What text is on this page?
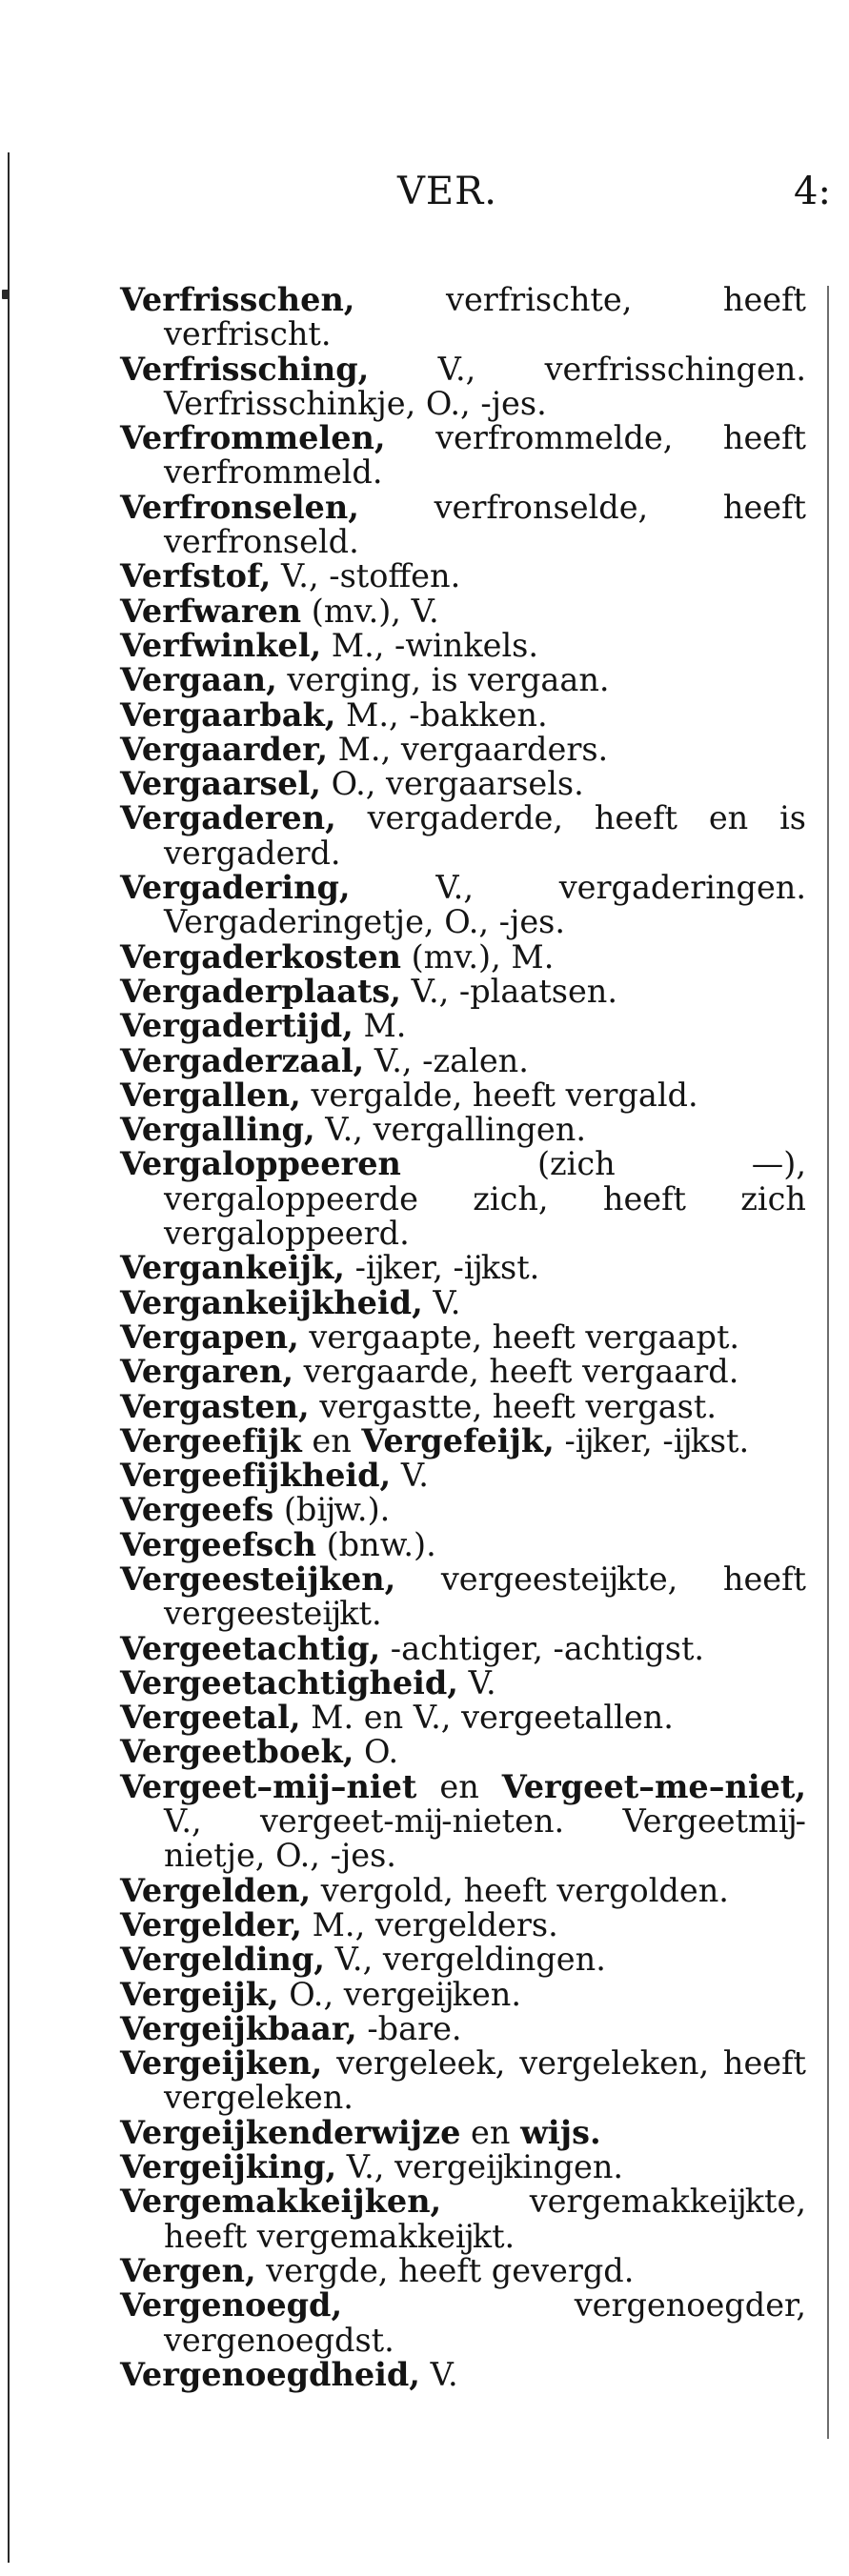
VER.	4:
Verfrisschen, verfrischte, heeft verfrischt.
Verfrissching, V., verfrisschingen. Verfrisschinkje, O., -jes.
Verfrommelen, verfrommelde, heeft verfrommeld.
Verfronselen, verfronselde, heeft verfronseld.
Verfstof, V., -stoffen.
Verfwaren (mv.), V.
Verfwinkel, M., -winkels.
Vergaan, verging, is vergaan.
Vergaarbak, M., -bakken.
Vergaarder, M., vergaarders.
Vergaarsel, O., vergaarsels.
Vergaderen, vergaderde, heeft en is vergaderd.
Vergadering, V., vergaderingen. Vergaderingetje, O., -jes.
Vergaderkosten (mv.), M.
Vergaderplaats, V., -plaatsen.
Vergadertijd, M.
Vergaderzaal, V., -zalen.
Vergallen, vergalde, heeft vergald.
Vergalling, V., vergallingen.
Vergaloppeeren (zich —), vergaloppeerde zich, heeft zich vergaloppeerd.
Vergankeĳk, -ĳker, -ĳkst.
Vergankeĳkheid, V.
Vergapen, vergaapte, heeft vergaapt.
Vergaren, vergaarde, heeft vergaard.
Vergasten, vergastte, heeft vergast.
Vergeefĳk en Vergefeĳk, -ĳker, -ĳkst.
Vergeefĳkheid, V.
Vergeefs (bĳw.).
Vergeefsch (bnw.).
Vergeesteĳken, vergeesteĳkte, heeft vergeesteĳkt.
Vergeetachtig, -achtiger, -achtigst.
Vergeetachtigheid, V.
Vergeetal, M. en V., vergeetallen.
Vergeetboek, O.
Vergeet–mĳ–niet en Vergeet–me–niet, V., vergeet-mĳ-nieten. Vergeetmĳ-nietje, O., -jes.
Vergelden, vergold, heeft vergolden.
Vergelder, M., vergelders.
Vergelding, V., vergeldingen.
Vergeĳk, O., vergeĳken.
Vergeĳkbaar, -bare.
Vergeĳken, vergeleek, vergeleken, heeft vergeleken.
Vergeĳkenderwĳze en wĳs.
Vergeĳking, V., vergeĳkingen.
Vergemakkeĳken, vergemakkeĳkte, heeft vergemakkeĳkt.
Vergen, vergde, heeft gevergd.
Vergenoegd, vergenoegder, vergenoegdst.
Vergenoegdheid, V.
